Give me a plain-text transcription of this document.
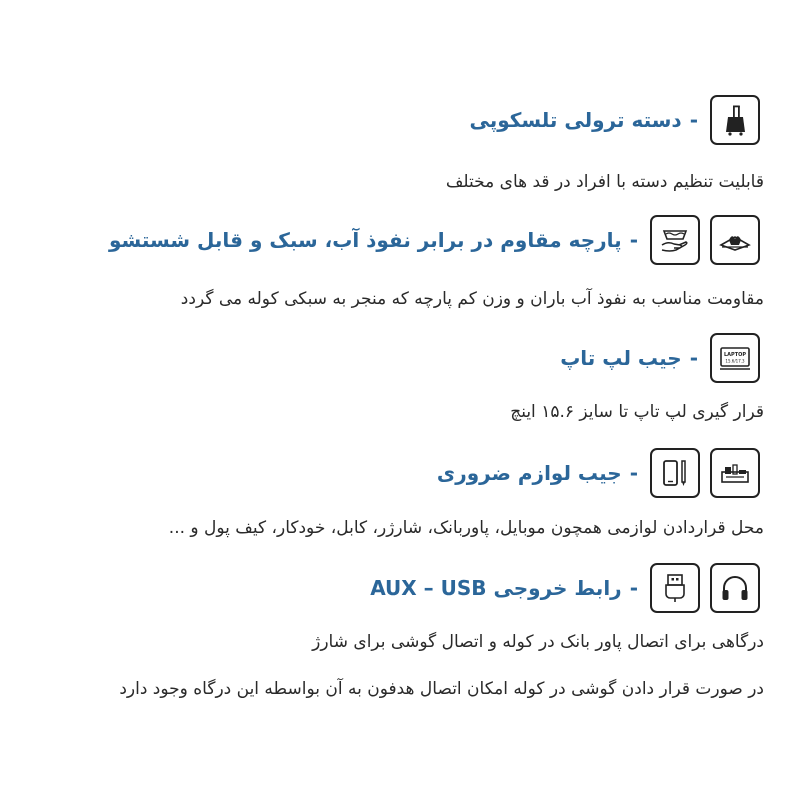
-دسته ترولی تلسکوپی
قابلیت تنظیم دسته با افراد در قد های مختلف
-پارچه مقاوم در برابر نفوذ آب، سبک و قابل شستشو
مقاومت مناسب به نفوذ آب باران و وزن کم پارچه که منجر به سبکی کوله می گردد
LAPTOP
15.6/17.3
-جیب لپ تاپ
قرار گیری لپ تاپ تا سایز ۱۵.۶ اینچ
-جیب لوازم ضروری
محل قراردادن لوازمی همچون موبایل، پاوربانک، شارژر، کابل، خودکار، کیف پول و ...
-رابط خروجی AUX – USB
درگاهی برای اتصال پاور بانک در کوله و اتصال گوشی برای شارژ
در صورت قرار دادن گوشی در کوله امکان اتصال هدفون به آن بواسطه این درگاه وجود دارد
